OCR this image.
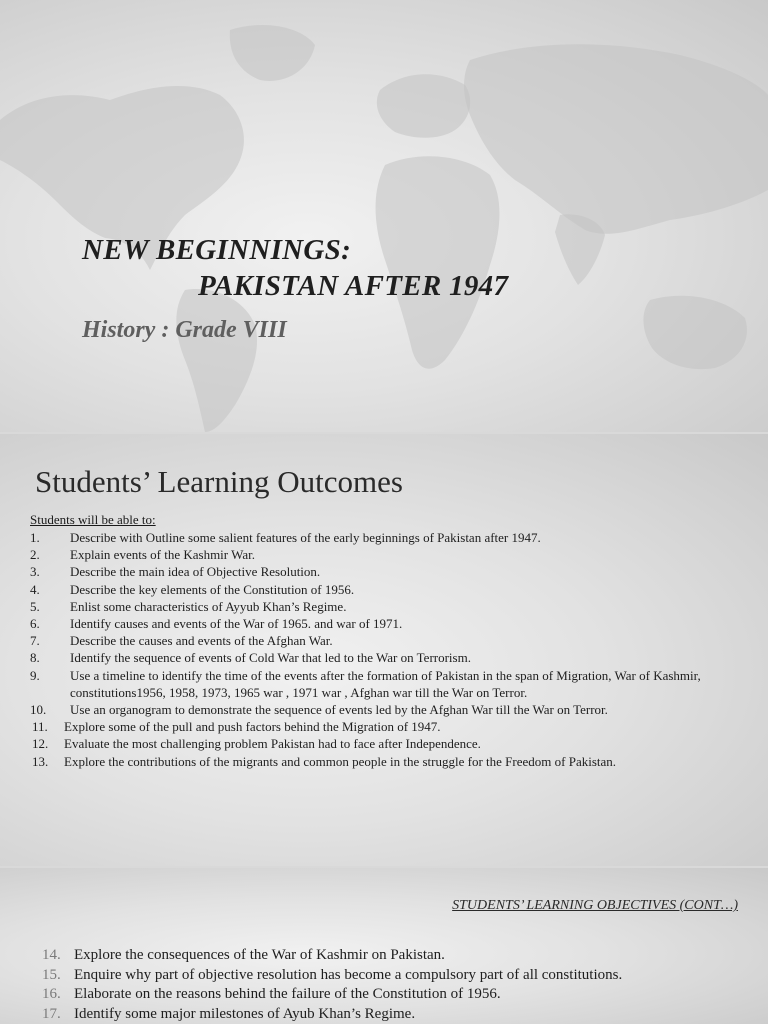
NEW BEGINNINGS:
PAKISTAN AFTER 1947
History : Grade VIII
Students’ Learning Outcomes
Students will be able to:
1. Describe with Outline some salient features of the early beginnings of Pakistan after 1947.
2. Explain events of the Kashmir War.
3. Describe the main idea of Objective Resolution.
4. Describe the key elements of the Constitution of 1956.
5. Enlist some characteristics of Ayyub Khan’s Regime.
6. Identify causes and events of the War of 1965. and war of 1971.
7. Describe the causes and events of the Afghan War.
8. Identify the sequence of events of Cold War that led to the War on Terrorism.
9. Use a timeline to identify the time of the events after the formation of Pakistan in the span of Migration, War of Kashmir, constitutions1956, 1958, 1973, 1965 war , 1971 war , Afghan war till the War on Terror.
10. Use an organogram to demonstrate the sequence of events led by the Afghan War till the War on Terror.
11. Explore some of the pull and push factors behind the Migration of 1947.
12. Evaluate the most challenging problem Pakistan had to face after Independence.
13. Explore the contributions of the migrants and common people in the struggle for the Freedom of Pakistan.
STUDENTS’ LEARNING OBJECTIVES (CONT…)
14. Explore the consequences of the War of Kashmir on Pakistan.
15. Enquire why part of objective resolution has become a compulsory part of all constitutions.
16. Elaborate on the reasons behind the failure of the Constitution of 1956.
17. Identify some major milestones of Ayub Khan’s Regime.
